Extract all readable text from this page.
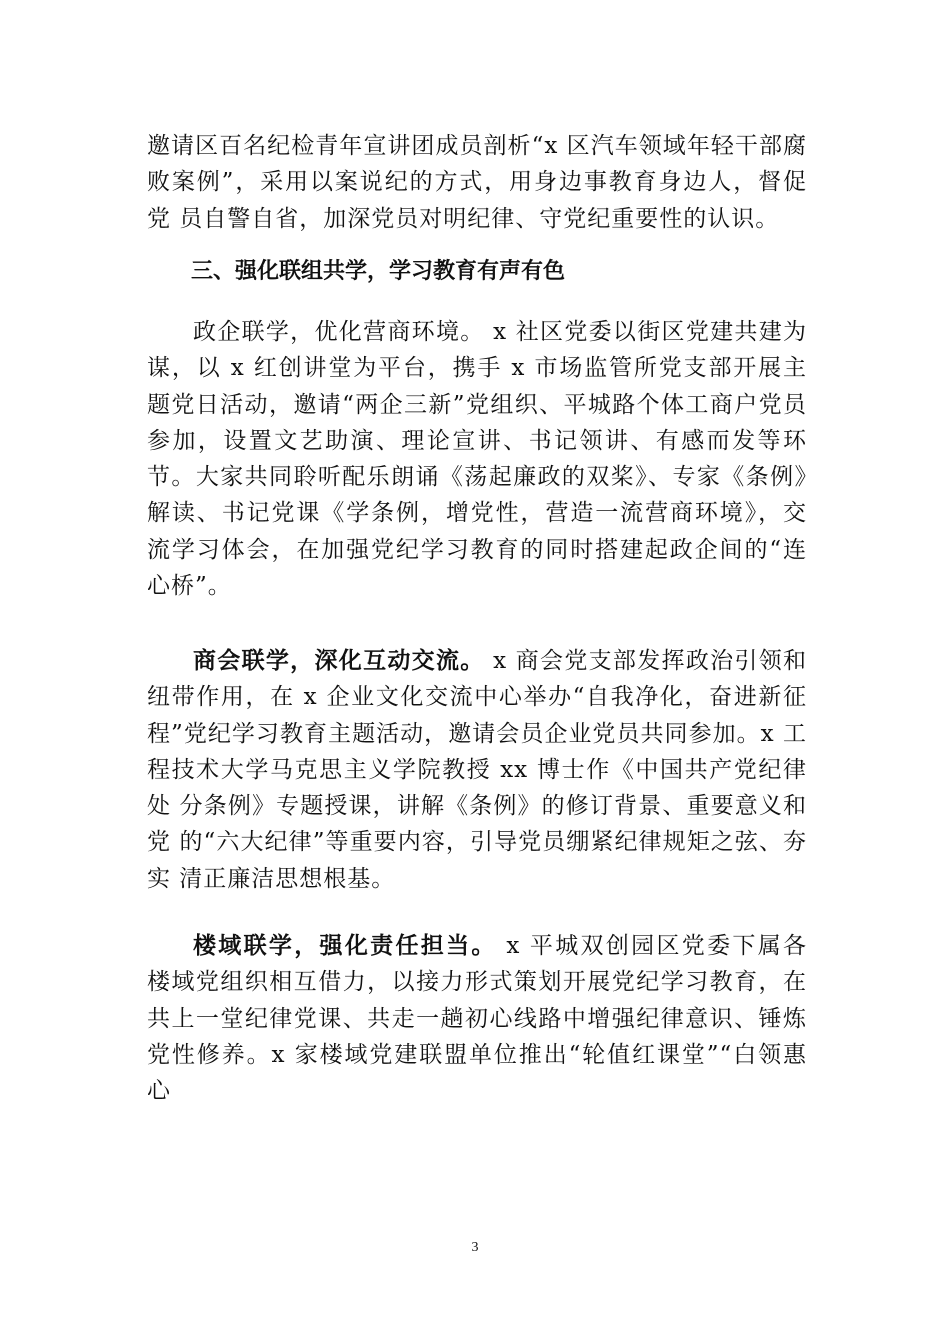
邀请区百名纪检青年宣讲团成员剖析“x 区汽车领域年轻干部腐 败案例”，采用以案说纪的方式，用身边事教育身边人，督促党 员自警自省，加深党员对明纪律、守党纪重要性的认识。

三、强化联组共学，学习教育有声有色

政企联学，优化营商环境。 x 社区党委以街区党建共建为谋，以 x 红创讲堂为平台，携手 x 市场监管所党支部开展主题党日活动，邀请“两企三新”党组织、平城路个体工商户党员参加，设置文艺助演、理论宣讲、书记领讲、有感而发等环节。大家共同聆听配乐朗诵《荡起廉政的双桨》、专家《条例》解读、书记党课《学条例，增党性，营造一流营商环境》，交流学习体会，在加强党纪学习教育的同时搭建起政企间的“连心桥”。

商会联学，深化互动交流。 x 商会党支部发挥政治引领和纽带作用，在 x 企业文化交流中心举办“自我净化，奋进新征 程”党纪学习教育主题活动，邀请会员企业党员共同参加。x 工 程技术大学马克思主义学院教授 xx 博士作《中国共产党纪律处 分条例》专题授课，讲解《条例》的修订背景、重要意义和党 的“六大纪律”等重要内容，引导党员绷紧纪律规矩之弦、夯实 清正廉洁思想根基。

楼域联学，强化责任担当。 x 平城双创园区党委下属各 楼域党组织相互借力，以接力形式策划开展党纪学习教育，在 共上一堂纪律党课、共走一趟初心线路中增强纪律意识、锤炼 党性修养。x 家楼域党建联盟单位推出“轮值红课堂”“白领惠心

3
